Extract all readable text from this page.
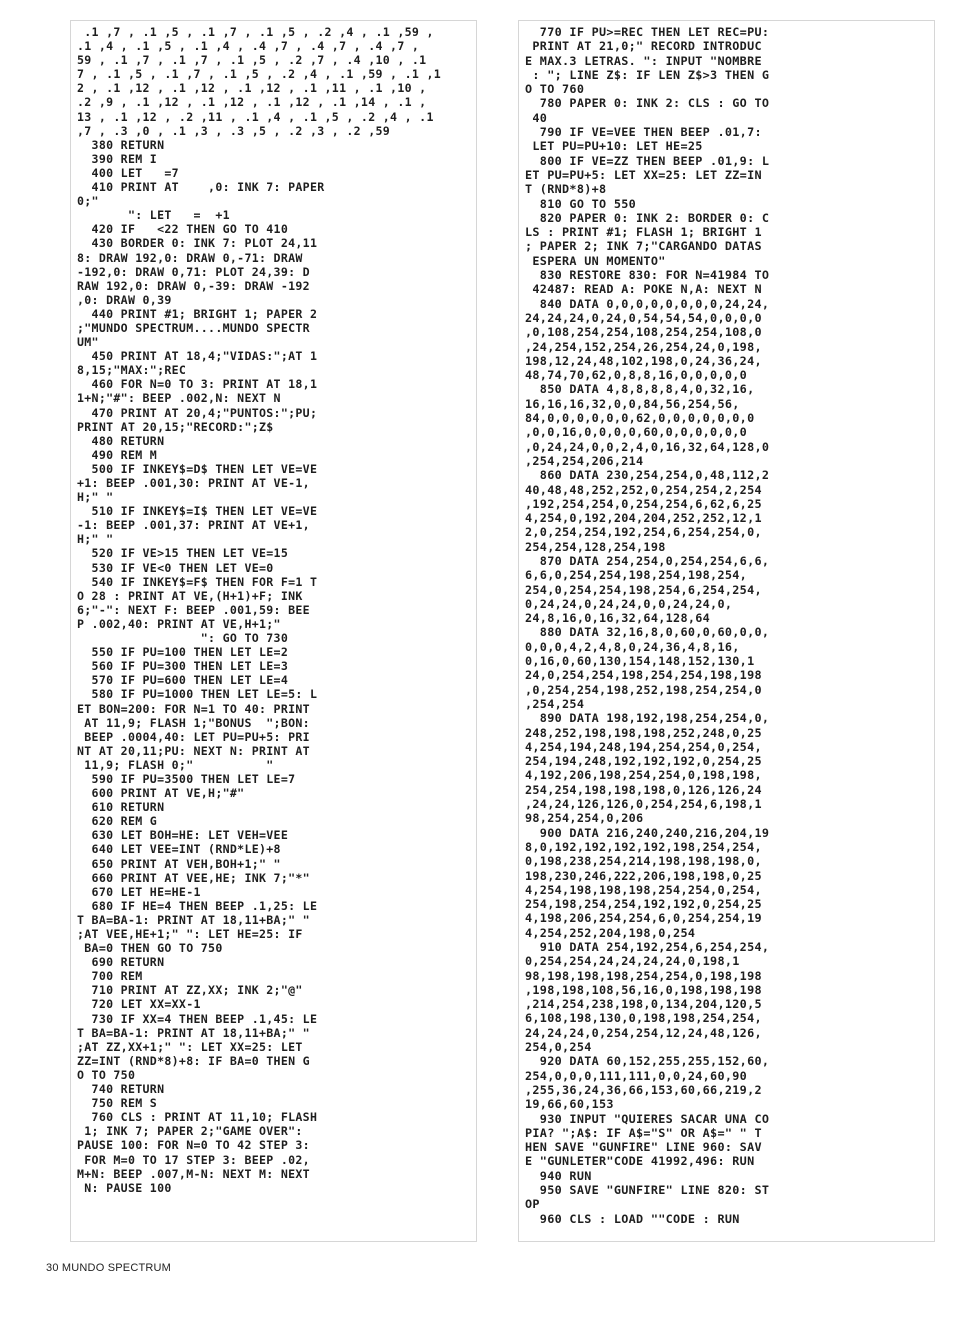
.1 ,7 , .1 ,5 , .1 ,7 , .1 ,5 , .2 ,4 , .1 ,59 ,
.1 ,4 , .1 ,5 , .1 ,4 , .4 ,7 , .4 ,7 , .4 ,7 ,
59 , .1 ,7 , .1 ,7 , .1 ,5 , .2 ,7 , .4 ,10 , .1
7 , .1 ,5 , .1 ,7 , .1 ,5 , .2 ,4 , .1 ,59 , .1 ,1
2 , .1 ,12 , .1 ,12 , .1 ,12 , .1 ,11 , .1 ,10 ,
.2 ,9 , .1 ,12 , .1 ,12 , .1 ,12 , .1 ,14 , .1 ,
13 , .1 ,12 , .2 ,11 , .1 ,4 , .1 ,5 , .2 ,4 , .1
,7 , .3 ,0 , .1 ,3 , .3 ,5 , .2 ,3 , .2 ,59
380 RETURN
390 REM I
400 LET   =7
410 PRINT AT    ,0: INK 7: PAPER
0;"
": LET   =  +1
420 IF   <22 THEN GO TO 410
430 BORDER 0: INK 7: PLOT 24,11
8: DRAW 192,0: DRAW 0,-71: DRAW
-192,0: DRAW 0,71: PLOT 24,39: D
RAW 192,0: DRAW 0,-39: DRAW -192
,0: DRAW 0,39
440 PRINT #1; BRIGHT 1; PAPER 2
;"MUNDO SPECTRUM....MUNDO SPECTR
UM"
450 PRINT AT 18,4;"VIDAS:";AT 1
8,15;"MAX:";REC
460 FOR N=0 TO 3: PRINT AT 18,1
1+N;"#": BEEP .002,N: NEXT N
470 PRINT AT 20,4;"PUNTOS:";PU;
PRINT AT 20,15;"RECORD:";Z$
480 RETURN
490 REM M
500 IF INKEY$=D$ THEN LET VE=VE
+1: BEEP .001,30: PRINT AT VE-1,
H;" "
510 IF INKEY$=I$ THEN LET VE=VE
-1: BEEP .001,37: PRINT AT VE+1,
H;" "
520 IF VE>15 THEN LET VE=15
530 IF VE<0 THEN LET VE=0
540 IF INKEY$=F$ THEN FOR F=1 T
O 28 : PRINT AT VE,(H+1)+F; INK
6;"-": NEXT F: BEEP .001,59: BEE
P .002,40: PRINT AT VE,H+1;"
": GO TO 730
550 IF PU=100 THEN LET LE=2
560 IF PU=300 THEN LET LE=3
570 IF PU=600 THEN LET LE=4
580 IF PU=1000 THEN LET LE=5: L
ET BON=200: FOR N=1 TO 40: PRINT
AT 11,9; FLASH 1;"BONUS  ";BON:
BEEP .0004,40: LET PU=PU+5: PRI
NT AT 20,11;PU: NEXT N: PRINT AT
11,9; FLASH 0;"          "
590 IF PU=3500 THEN LET LE=7
600 PRINT AT VE,H;"#"
610 RETURN
620 REM G
630 LET BOH=HE: LET VEH=VEE
640 LET VEE=INT (RND*LE)+8
650 PRINT AT VEH,BOH+1;" "
660 PRINT AT VEE,HE; INK 7;"*"
670 LET HE=HE-1
680 IF HE=4 THEN BEEP .1,25: LE
T BA=BA-1: PRINT AT 18,11+BA;" "
;AT VEE,HE+1;" ": LET HE=25: IF
BA=0 THEN GO TO 750
690 RETURN
700 REM
710 PRINT AT ZZ,XX; INK 2;"@"
720 LET XX=XX-1
730 IF XX=4 THEN BEEP .1,45: LE
T BA=BA-1: PRINT AT 18,11+BA;" "
;AT ZZ,XX+1;" ": LET XX=25: LET
ZZ=INT (RND*8)+8: IF BA=0 THEN G
O TO 750
740 RETURN
750 REM S
760 CLS : PRINT AT 11,10; FLASH
1; INK 7; PAPER 2;"GAME OVER":
PAUSE 100: FOR N=0 TO 42 STEP 3:
FOR M=0 TO 17 STEP 3: BEEP .02,
M+N: BEEP .007,M-N: NEXT M: NEXT
N: PAUSE 100
770 IF PU>=REC THEN LET REC=PU:
PRINT AT 21,0;" RECORD INTRODUC
E MAX.3 LETRAS. ": INPUT "NOMBRE
: "; LINE Z$: IF LEN Z$>3 THEN G
O TO 760
780 PAPER 0: INK 2: CLS : GO TO
40
790 IF VE=VEE THEN BEEP .01,7:
LET PU=PU+10: LET HE=25
800 IF VE=ZZ THEN BEEP .01,9: L
ET PU=PU+5: LET XX=25: LET ZZ=IN
T (RND*8)+8
810 GO TO 550
820 PAPER 0: INK 2: BORDER 0: C
LS : PRINT #1; FLASH 1; BRIGHT 1
; PAPER 2; INK 7;"CARGANDO DATAS
ESPERA UN MOMENTO"
830 RESTORE 830: FOR N=41984 TO
42487: READ A: POKE N,A: NEXT N
840 DATA 0,0,0,0,0,0,0,0,24,24,
24,24,24,0,24,0,54,54,54,0,0,0,0
,0,108,254,254,108,254,254,108,0
,24,254,152,254,26,254,24,0,198,
198,12,24,48,102,198,0,24,36,24,
48,74,70,62,0,8,8,16,0,0,0,0,0
850 DATA 4,8,8,8,8,4,0,32,16,
16,16,16,32,0,0,84,56,254,56,
84,0,0,0,0,0,0,62,0,0,0,0,0,0,0
,0,0,16,0,0,0,0,60,0,0,0,0,0,0
,0,24,24,0,0,2,4,0,16,32,64,128,0
,254,254,206,214
860 DATA 230,254,254,0,48,112,2
40,48,48,252,252,0,254,254,2,254
,192,254,254,0,254,254,6,62,6,25
4,254,0,192,204,204,252,252,12,1
2,0,254,254,192,254,6,254,254,0,
254,254,128,254,198
870 DATA 254,254,0,254,254,6,6,
6,6,0,254,254,198,254,198,254,
254,0,254,254,198,254,6,254,254,
0,24,24,0,24,24,0,0,24,24,0,
24,8,16,0,16,32,64,128,64
880 DATA 32,16,8,0,60,0,60,0,0,
0,0,0,4,2,4,8,0,24,36,4,8,16,
0,16,0,60,130,154,148,152,130,1
24,0,254,254,198,254,254,198,198
,0,254,254,198,252,198,254,254,0
,254,254
890 DATA 198,192,198,254,254,0,
248,252,198,198,198,252,248,0,25
4,254,194,248,194,254,254,0,254,
254,194,248,192,192,192,0,254,25
4,192,206,198,254,254,0,198,198,
254,254,198,198,198,0,126,126,24
,24,24,126,126,0,254,254,6,198,1
98,254,254,0,206
900 DATA 216,240,240,216,204,19
8,0,192,192,192,192,198,254,254,
0,198,238,254,214,198,198,198,0,
198,230,246,222,206,198,198,0,25
4,254,198,198,198,254,254,0,254,
254,198,254,254,192,192,0,254,25
4,198,206,254,254,6,0,254,254,19
4,254,252,204,198,0,254
910 DATA 254,192,254,6,254,254,
0,254,254,24,24,24,24,0,198,1
98,198,198,198,254,254,0,198,198
,198,198,108,56,16,0,198,198,198
,214,254,238,198,0,134,204,120,5
6,108,198,130,0,198,198,254,254,
24,24,24,0,254,254,12,24,48,126,
254,0,254
920 DATA 60,152,255,255,152,60,
254,0,0,0,111,111,0,0,24,60,90
,255,36,24,36,66,153,60,66,219,2
19,66,60,153
930 INPUT "QUIERES SACAR UNA CO
PIA? ";A$: IF A$="S" OR A$=" " T
HEN SAVE "GUNFIRE" LINE 960: SAV
E "GUNLETER"CODE 41992,496: RUN
940 RUN
950 SAVE "GUNFIRE" LINE 820: ST
OP
960 CLS : LOAD ""CODE : RUN
30 MUNDO SPECTRUM
